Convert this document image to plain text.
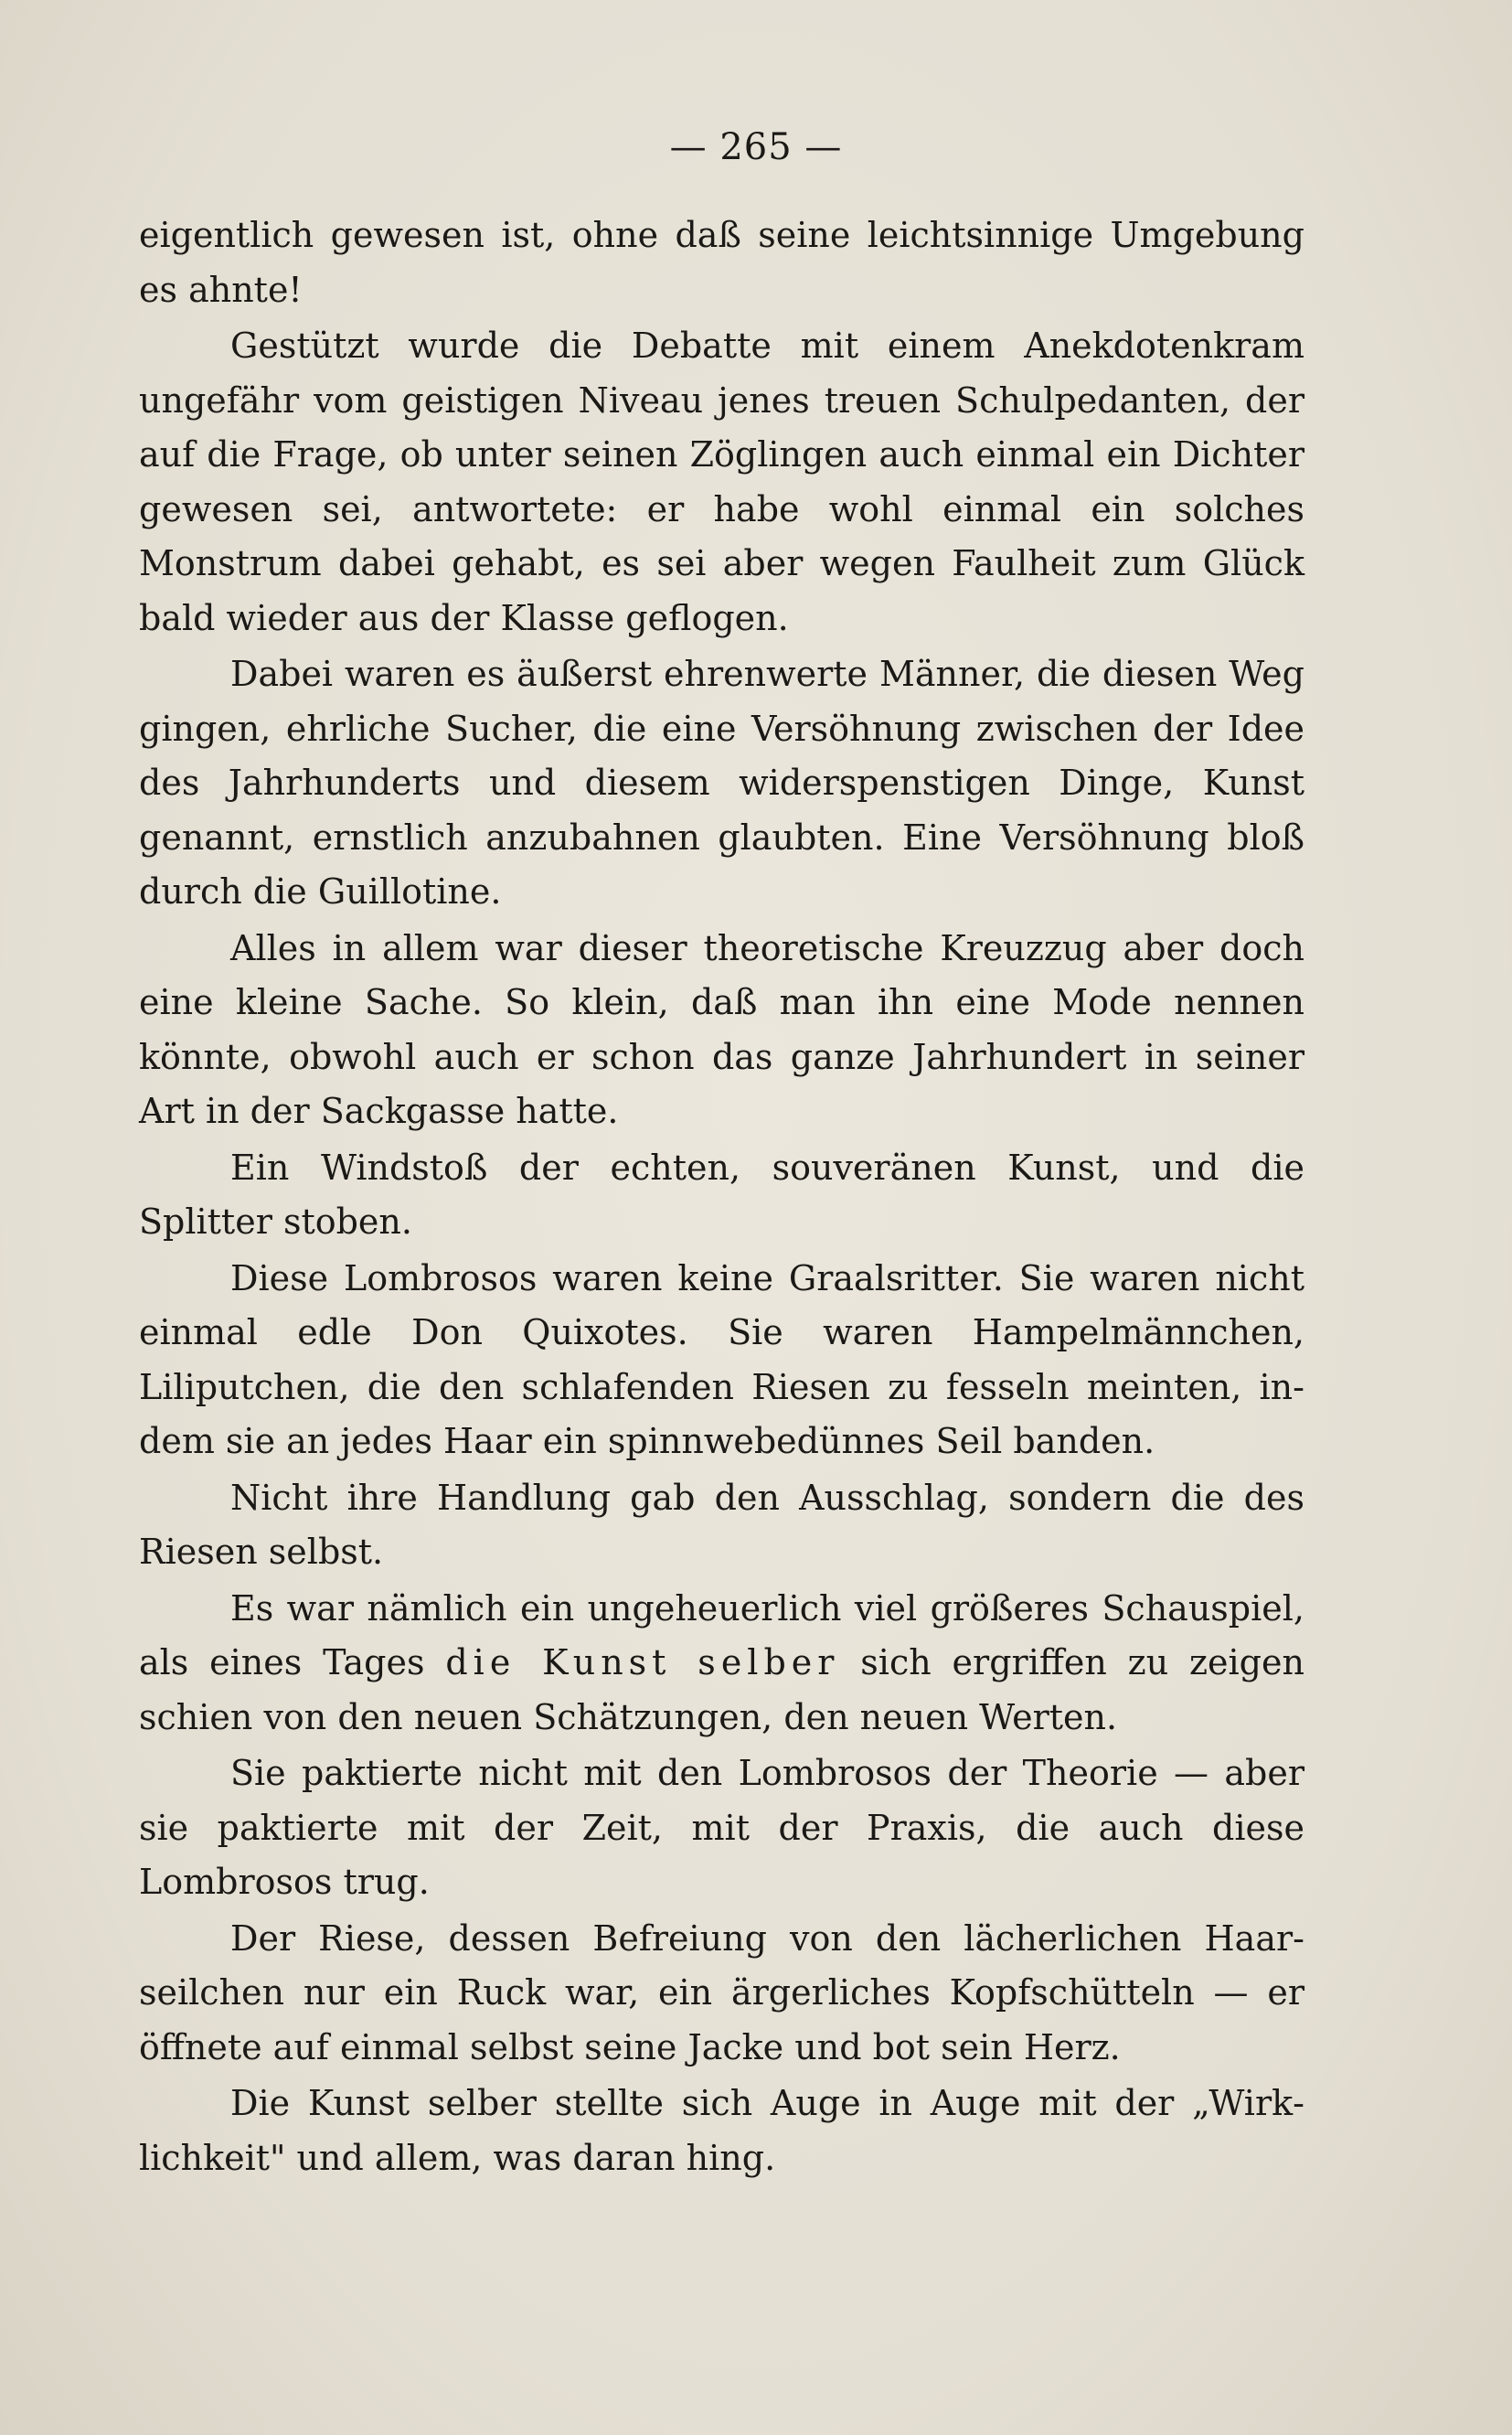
— 265 —

eigentlich gewesen ist, ohne daß seine leichtsinnige Umgebung es ahnte!

Gestützt wurde die Debatte mit einem Anekdotenkram ungefähr vom geistigen Niveau jenes treuen Schulpedanten, der auf die Frage, ob unter seinen Zöglingen auch einmal ein Dichter gewesen sei, antwortete: er habe wohl einmal ein solches Monstrum dabei gehabt, es sei aber wegen Faulheit zum Glück bald wieder aus der Klasse geflogen.

Dabei waren es äußerst ehrenwerte Männer, die diesen Weg gingen, ehrliche Sucher, die eine Versöhnung zwischen der Idee des Jahrhunderts und diesem widerspenstigen Dinge, Kunst genannt, ernstlich anzubahnen glaubten. Eine Versöhnung bloß durch die Guillotine.

Alles in allem war dieser theoretische Kreuzzug aber doch eine kleine Sache. So klein, daß man ihn eine Mode nennen könnte, obwohl auch er schon das ganze Jahrhundert in seiner Art in der Sackgasse hatte.

Ein Windstoß der echten, souveränen Kunst, und die Splitter stoben.

Diese Lombrosos waren keine Graalsritter. Sie waren nicht einmal edle Don Quixotes. Sie waren Hampelmännchen, Liliputchen, die den schlafenden Riesen zu fesseln meinten, indem sie an jedes Haar ein spinnwebedünnes Seil banden.

Nicht ihre Handlung gab den Ausschlag, sondern die des Riesen selbst.

Es war nämlich ein ungeheuerlich viel größeres Schauspiel, als eines Tages die Kunst selber sich ergriffen zu zeigen schien von den neuen Schätzungen, den neuen Werten.

Sie paktierte nicht mit den Lombrosos der Theorie — aber sie paktierte mit der Zeit, mit der Praxis, die auch diese Lombrosos trug.

Der Riese, dessen Befreiung von den lächerlichen Haarseilchen nur ein Ruck war, ein ärgerliches Kopfschütteln — er öffnete auf einmal selbst seine Jacke und bot sein Herz.

Die Kunst selber stellte sich Auge in Auge mit der „Wirklichkeit" und allem, was daran hing.
